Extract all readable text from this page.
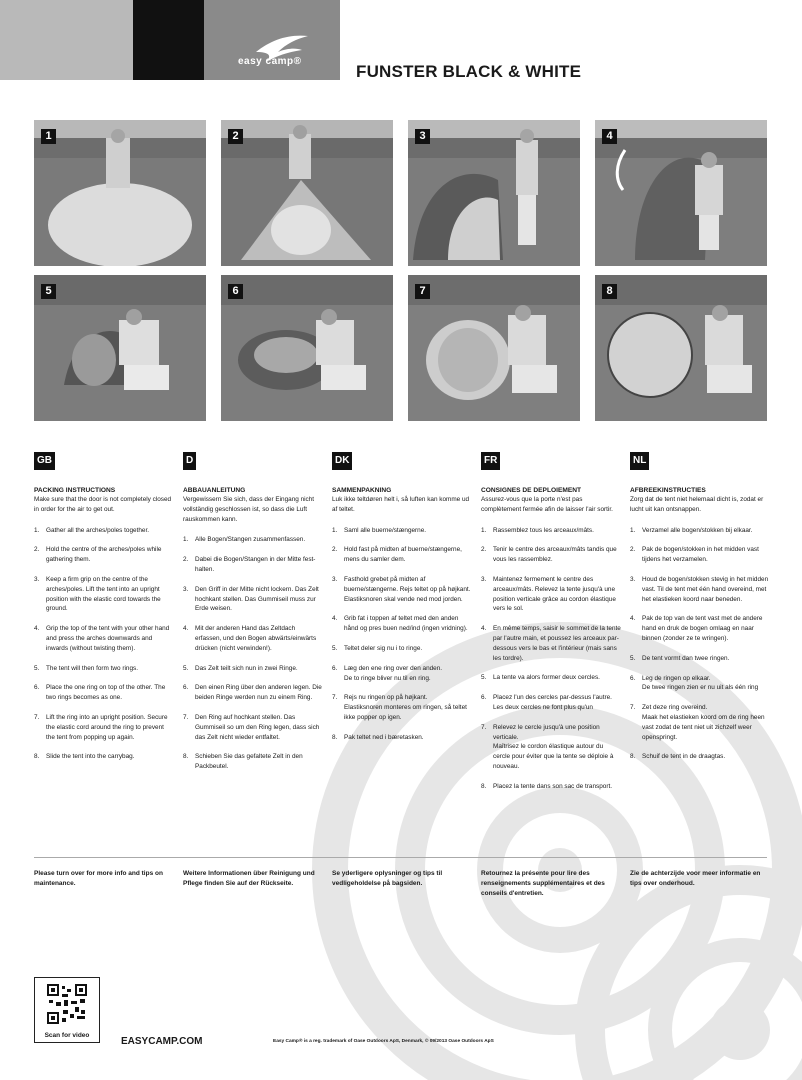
easy camp®
FUNSTER BLACK & WHITE
1	2	3	4
5	6	7	8
GB

PACKING INSTRUCTIONS

Make sure that the door is not completely closed in order for the air to get out.

1.	Gather all the arches/poles together.
2.	Hold the centre of the arches/poles while gathering them.
3.	Keep a firm grip on the centre of the arches/poles. Lift the tent into an upright position with the elastic cord towards the ground.
4.	Grip the top of the tent with your other hand and press the arches downwards and inwards (without twisting them).
5.	The tent will then form two rings.
6.	Place the one ring on top of the other. The two rings becomes as one.
7.	Lift the ring into an upright position. Secure the elastic cord around the ring to prevent the tent from popping up again.
8.	Slide the tent into the carrybag.
D

ABBAUANLEITUNG

Vergewissern Sie sich, dass der Eingang nicht vollständig geschlossen ist, so dass die Luft rauskommen kann.

1.	Alle Bogen/Stangen zusammenfassen.
2.	Dabei die Bogen/Stangen in der Mitte fest-halten.
3.	Den Griff in der Mitte nicht lockern. Das Zelt hochkant stellen. Das Gummiseil muss zur Erde weisen.
4.	Mit der anderen Hand das Zeltdach erfassen, und den Bogen abwärts/einwärts drücken (nicht verwinden!).
5.	Das Zelt teilt sich nun in zwei Ringe.
6.	Den einen Ring über den anderen legen. Die beiden Ringe werden nun zu einem Ring.
7.	Den Ring auf hochkant stellen. Das Gummiseil so um den Ring legen, dass sich das Zelt nicht wieder entfaltet.
8.	Schieben Sie das gefaltete Zelt in den Packbeutel.
DK

SAMMENPAKNING

Luk ikke teltdøren helt i, så luften kan komme ud af teltet.

1.	Saml alle buerne/stængerne.
2.	Hold fast på midten af buerne/stængerne, mens du samler dem.
3.	Fasthold grebet på midten af buerne/stængerne. Rejs teltet op på højkant. Elastiksnoren skal vende ned mod jorden.
4.	Grib fat i toppen af teltet med den anden hånd og pres buen ned/ind (ingen vridning).
5.	Teltet deler sig nu i to ringe.
6.	Læg den ene ring over den anden.
De to ringe bliver nu til en ring.
7.	Rejs nu ringen op på højkant.
Elastiksnoren monteres om ringen, så teltet ikke popper op igen.
8.	Pak teltet ned i bæretasken.
FR

CONSIGNES DE DEPLOIEMENT

Assurez-vous que la porte n'est pas complètement fermée afin de laisser l'air sortir.

1.	Rassemblez tous les arceaux/mâts.
2.	Tenir le centre des arceaux/mâts tandis que vous les rassemblez.
3.	Maintenez fermement le centre des arceaux/mâts. Relevez la tente jusqu'à une position verticale grâce au cordon élastique vers le sol.
4.	En même temps, saisir le sommet de la tente par l'autre main, et poussez les arceaux par-dessous vers le bas et l'intérieur (mais sans les tordre).
5.	La tente va alors former deux cercles.
6.	Placez l'un des cercles par-dessus l'autre.
Les deux cercles ne font plus qu'un
7.	Relevez le cercle jusqu'à une position verticale.
Maîtrisez le cordon élastique autour du cercle pour éviter que la tente se déploie à nouveau.
8.	Placez la tente dans son sac de transport.
NL

AFBREEKINSTRUCTIES

Zorg dat de tent niet helemaal dicht is, zodat er lucht uit kan ontsnappen.

1.	Verzamel alle bogen/stokken bij elkaar.
2.	Pak de bogen/stokken in het midden vast tijdens het verzamelen.
3.	Houd de bogen/stokken stevig in het midden vast. Til de tent met één hand overeind, met het elastieken koord naar beneden.
4.	Pak de top van de tent vast met de andere hand en druk de bogen omlaag en naar binnen (zonder ze te wringen).
5.	De tent vormt dan twee ringen.
6.	Leg de ringen op elkaar.
De twee ringen zien er nu uit als één ring
7.	Zet deze ring overeind.
Maak het elastieken koord om de ring heen vast zodat de tent niet uit zichzelf weer openspringt.
8.	Schuif de tent in de draagtas.

Please turn over for more info and tips on maintenance.

Weitere Informationen über Reinigung und Pflege finden Sie auf der Rückseite.

Se yderligere oplysninger og tips til vedligeholdelse på bagsiden.

Retournez la présente pour lire des renseignements supplémentaires et des conseils d'entretien.

Zie de achterzijde voor meer informatie en tips over onderhoud.

Scan for video
EASYCAMP.COM	Easy Camp® is a reg. trademark of Oase Outdoors ApS, Denmark, © 09/2013 Oase Outdoors ApS
